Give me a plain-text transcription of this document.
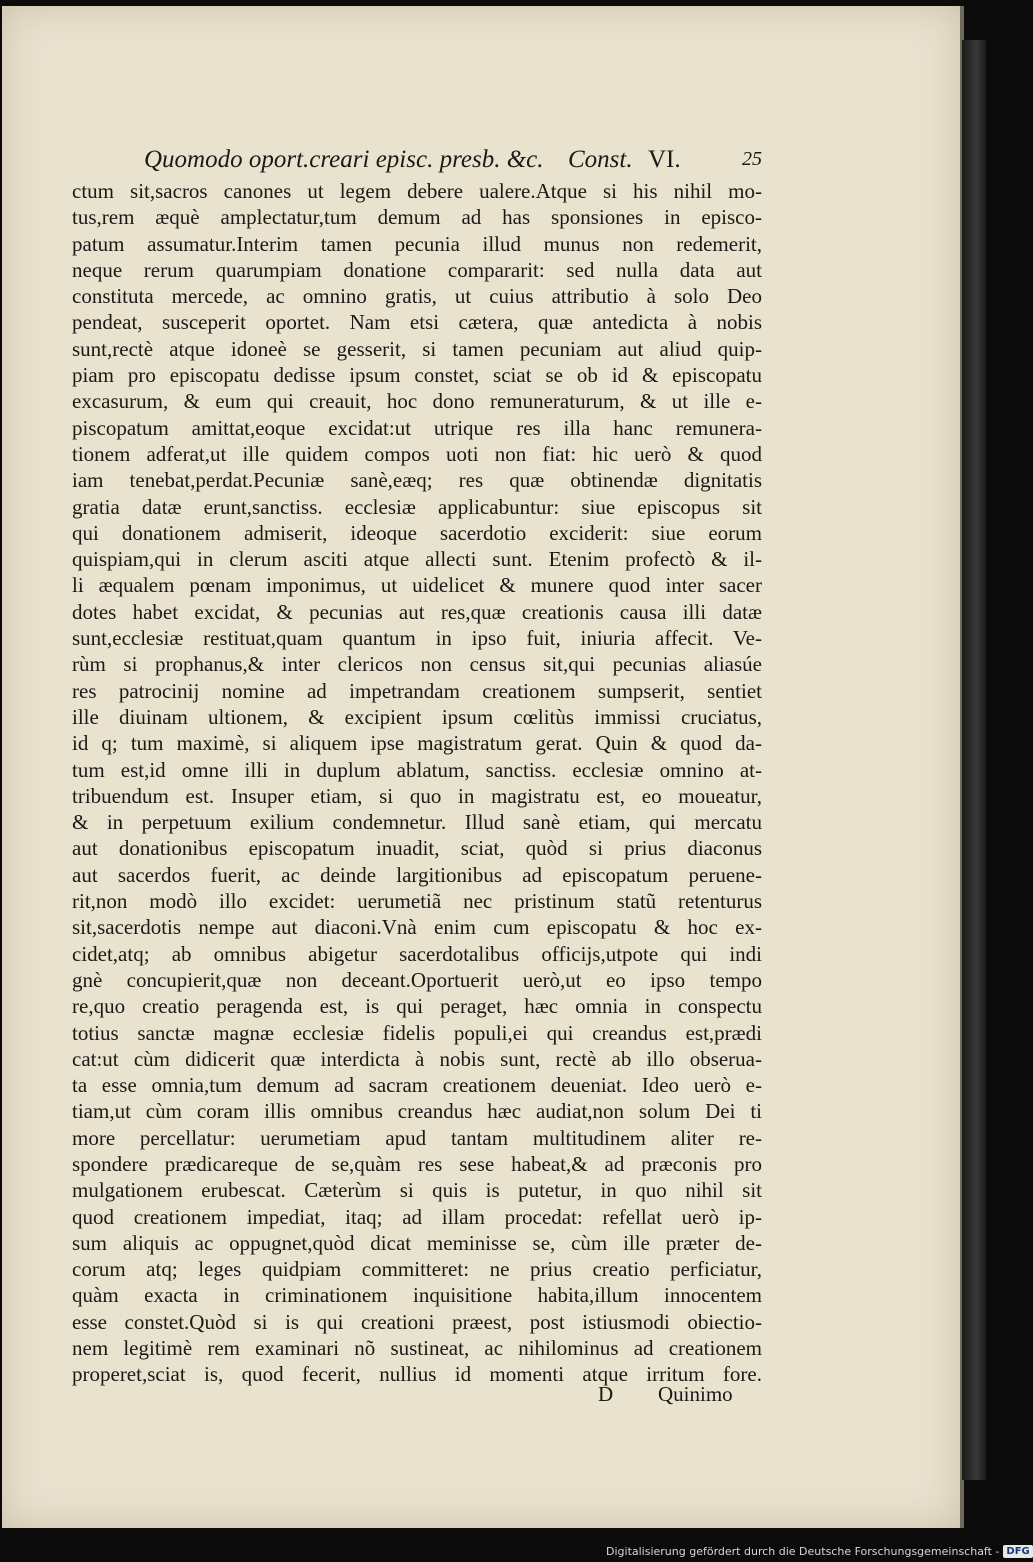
Quomodo oport.creari episc. presb. &c. Const. VI.	25
ctum sit,sacros canones ut legem debere ualere.Atque si his nihil mo-
tus,rem æquè amplectatur,tum demum ad has sponsiones in episco-
patum assumatur.Interim tamen pecunia illud munus non redemerit,
neque rerum quarumpiam donatione compararit: sed nulla data aut
constituta mercede, ac omnino gratis, ut cuius attributio à solo Deo
pendeat, susceperit oportet. Nam etsi cætera, quæ antedicta à nobis
sunt,rectè atque idoneè se gesserit, si tamen pecuniam aut aliud quip-
piam pro episcopatu dedisse ipsum constet, sciat se ob id & episcopatu
excasurum, & eum qui creauit, hoc dono remuneraturum, & ut ille e-
piscopatum amittat,eoque excidat:ut utrique res illa hanc remunera-
tionem adferat,ut ille quidem compos uoti non fiat: hic uerò & quod
iam tenebat,perdat.Pecuniæ sanè,eæq; res quæ obtinendæ dignitatis
gratia datæ erunt,sanctiss. ecclesiæ applicabuntur: siue episcopus sit
qui donationem admiserit, ideoque sacerdotio exciderit: siue eorum
quispiam,qui in clerum asciti atque allecti sunt. Etenim profectò & il-
li æqualem pœnam imponimus, ut uidelicet & munere quod inter sacer
dotes habet excidat, & pecunias aut res,quæ creationis causa illi datæ
sunt,ecclesiæ restituat,quam quantum in ipso fuit, iniuria affecit. Ve-
rùm si prophanus,& inter clericos non census sit,qui pecunias aliasúe
res patrocinij nomine ad impetrandam creationem sumpserit, sentiet
ille diuinam ultionem, & excipient ipsum cœlitùs immissi cruciatus,
id q; tum maximè, si aliquem ipse magistratum gerat. Quin & quod da-
tum est,id omne illi in duplum ablatum, sanctiss. ecclesiæ omnino at-
tribuendum est. Insuper etiam, si quo in magistratu est, eo moueatur,
& in perpetuum exilium condemnetur. Illud sanè etiam, qui mercatu
aut donationibus episcopatum inuadit, sciat, quòd si prius diaconus
aut sacerdos fuerit, ac deinde largitionibus ad episcopatum peruene-
rit,non modò illo excidet: uerumetiã nec pristinum statũ retenturus
sit,sacerdotis nempe aut diaconi.Vnà enim cum episcopatu & hoc ex-
cidet,atq; ab omnibus abigetur sacerdotalibus officijs,utpote qui indi
gnè concupierit,quæ non deceant.Oportuerit uerò,ut eo ipso tempo
re,quo creatio peragenda est, is qui peraget, hæc omnia in conspectu
totius sanctæ magnæ ecclesiæ fidelis populi,ei qui creandus est,prædi
cat:ut cùm didicerit quæ interdicta à nobis sunt, rectè ab illo obserua-
ta esse omnia,tum demum ad sacram creationem deueniat. Ideo uerò e-
tiam,ut cùm coram illis omnibus creandus hæc audiat,non solum Dei ti
more percellatur: uerumetiam apud tantam multitudinem aliter re-
spondere prædicareque de se,quàm res sese habeat,& ad præconis pro
mulgationem erubescat. Cæterùm si quis is putetur, in quo nihil sit
quod creationem impediat, itaq; ad illam procedat: refellat uerò ip-
sum aliquis ac oppugnet,quòd dicat meminisse se, cùm ille præter de-
corum atq; leges quidpiam committeret: ne prius creatio perficiatur,
quàm exacta in criminationem inquisitione habita,illum innocentem
esse constet.Quòd si is qui creationi præest, post istiusmodi obiectio-
nem legitimè rem examinari nõ sustineat, ac nihilominus ad creationem
properet,sciat is, quod fecerit, nullius id momenti atque irritum fore.
D Quinimo
Digitalisierung gefördert durch die Deutsche Forschungsgemeinschaft - DFG
